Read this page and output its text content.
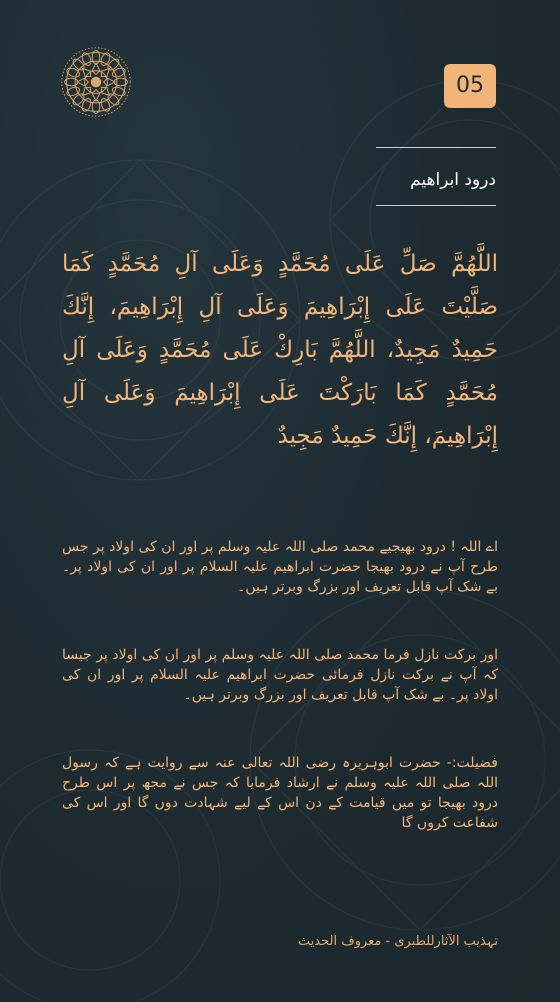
05
درود ابراهیم
اللَّهُمَّ صَلِّ عَلَى مُحَمَّدٍ وَعَلَى آلِ مُحَمَّدٍ كَمَا صَلَّيْتَ عَلَى إِبْرَاهِيمَ وَعَلَى آلِ إِبْرَاهِيمَ، إِنَّكَ حَمِيدٌ مَجِيدٌ، اللَّهُمَّ بَارِكْ عَلَى مُحَمَّدٍ وَعَلَى آلِ مُحَمَّدٍ كَمَا بَارَكْتَ عَلَى إِبْرَاهِيمَ وَعَلَى آلِ إِبْرَاهِيمَ، إِنَّكَ حَمِيدٌ مَجِيدٌ
اے اللہ ! درود بھیجیے محمد صلی اللہ علیہ وسلم پر اور ان کی اولاد پر جس طرح آپ نے درود بھیجا حضرت ابراهیم علیہ السلام پر اور ان کی اولاد پر۔ بے شک آپ قابل تعریف اور بزرگ وبرتر ہیں۔
اور برکت نازل فرما محمد صلی اللہ علیہ وسلم پر اور ان کی اولاد پر جیسا کہ آپ نے برکت نازل فرمائی حضرت ابراهیم علیہ السلام پر اور ان کی اولاد پر۔ بے شک آپ قابل تعریف اور بزرگ وبرتر ہیں۔
فضیلت:- حضرت ابوہریرہ رضی اللہ تعالی عنہ سے روایت ہے کہ رسول اللہ صلی اللہ علیہ وسلم نے ارشاد فرمایا کہ جس نے مجھ پر اس طرح درود بھیجا تو میں قیامت کے دن اس کے لیے شہادت دوں گا اور اس کی شفاعت کروں گا
تہذیب الآثارللطبری - معروف الحدیث
